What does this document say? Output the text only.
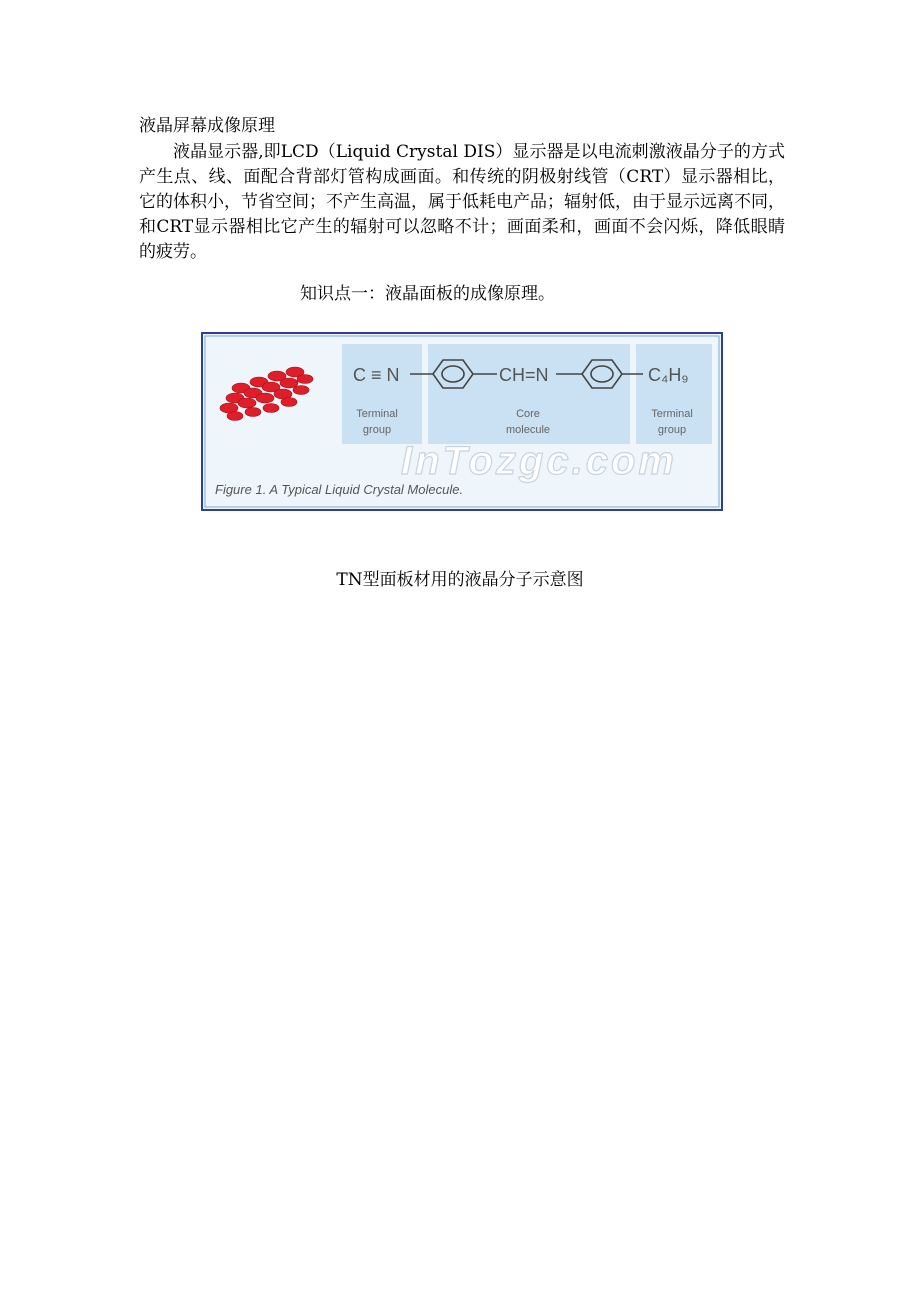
液晶屏幕成像原理

液晶显示器,即LCD（Liquid Crystal DIS）显示器是以电流刺激液晶分子的方式产生点、线、面配合背部灯管构成画面。和传统的阴极射线管（CRT）显示器相比，它的体积小，节省空间；不产生高温，属于低耗电产品；辐射低，由于显示远离不同，和CRT显示器相比它产生的辐射可以忽略不计；画面柔和，画面不会闪烁，降低眼睛的疲劳。

知识点一：液晶面板的成像原理。
C ≡ N	CH=N	C₄H₉
Terminal
group
Core
molecule
Terminal
group
InTozgc.com
Figure 1. A Typical Liquid Crystal Molecule.
TN型面板材用的液晶分子示意图
